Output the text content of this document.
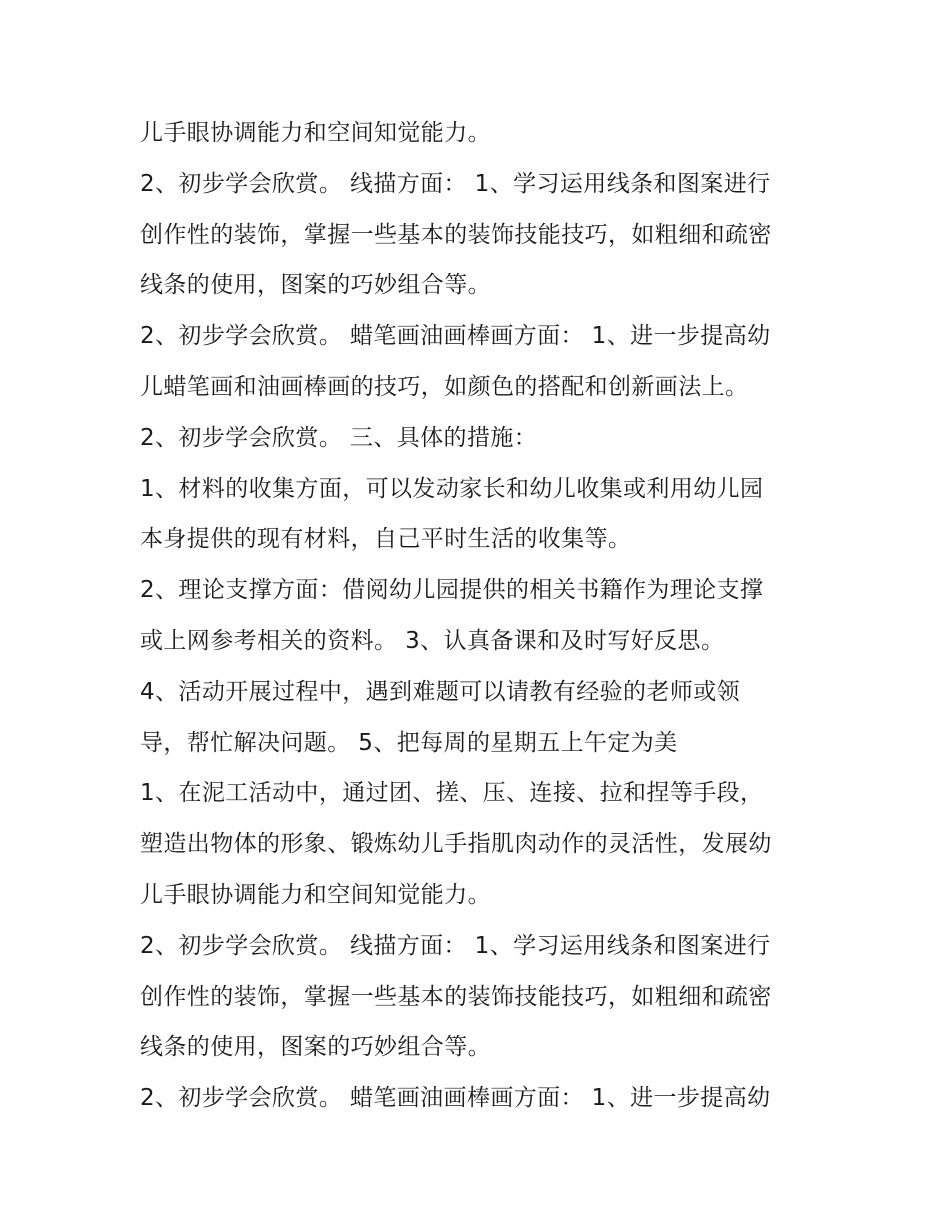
儿手眼协调能力和空间知觉能力。
2、初步学会欣赏。 线描方面： 1、学习运用线条和图案进行
创作性的装饰，掌握一些基本的装饰技能技巧，如粗细和疏密
线条的使用，图案的巧妙组合等。
2、初步学会欣赏。 蜡笔画油画棒画方面： 1、进一步提高幼
儿蜡笔画和油画棒画的技巧，如颜色的搭配和创新画法上。
2、初步学会欣赏。 三、具体的措施：
1、材料的收集方面，可以发动家长和幼儿收集或利用幼儿园
本身提供的现有材料，自己平时生活的收集等。
2、理论支撑方面：借阅幼儿园提供的相关书籍作为理论支撑
或上网参考相关的资料。 3、认真备课和及时写好反思。
4、活动开展过程中，遇到难题可以请教有经验的老师或领
导，帮忙解决问题。 5、把每周的星期五上午定为美
1、在泥工活动中，通过团、搓、压、连接、拉和捏等手段，
塑造出物体的形象、锻炼幼儿手指肌肉动作的灵活性，发展幼
儿手眼协调能力和空间知觉能力。
2、初步学会欣赏。 线描方面： 1、学习运用线条和图案进行
创作性的装饰，掌握一些基本的装饰技能技巧，如粗细和疏密
线条的使用，图案的巧妙组合等。
2、初步学会欣赏。 蜡笔画油画棒画方面： 1、进一步提高幼
